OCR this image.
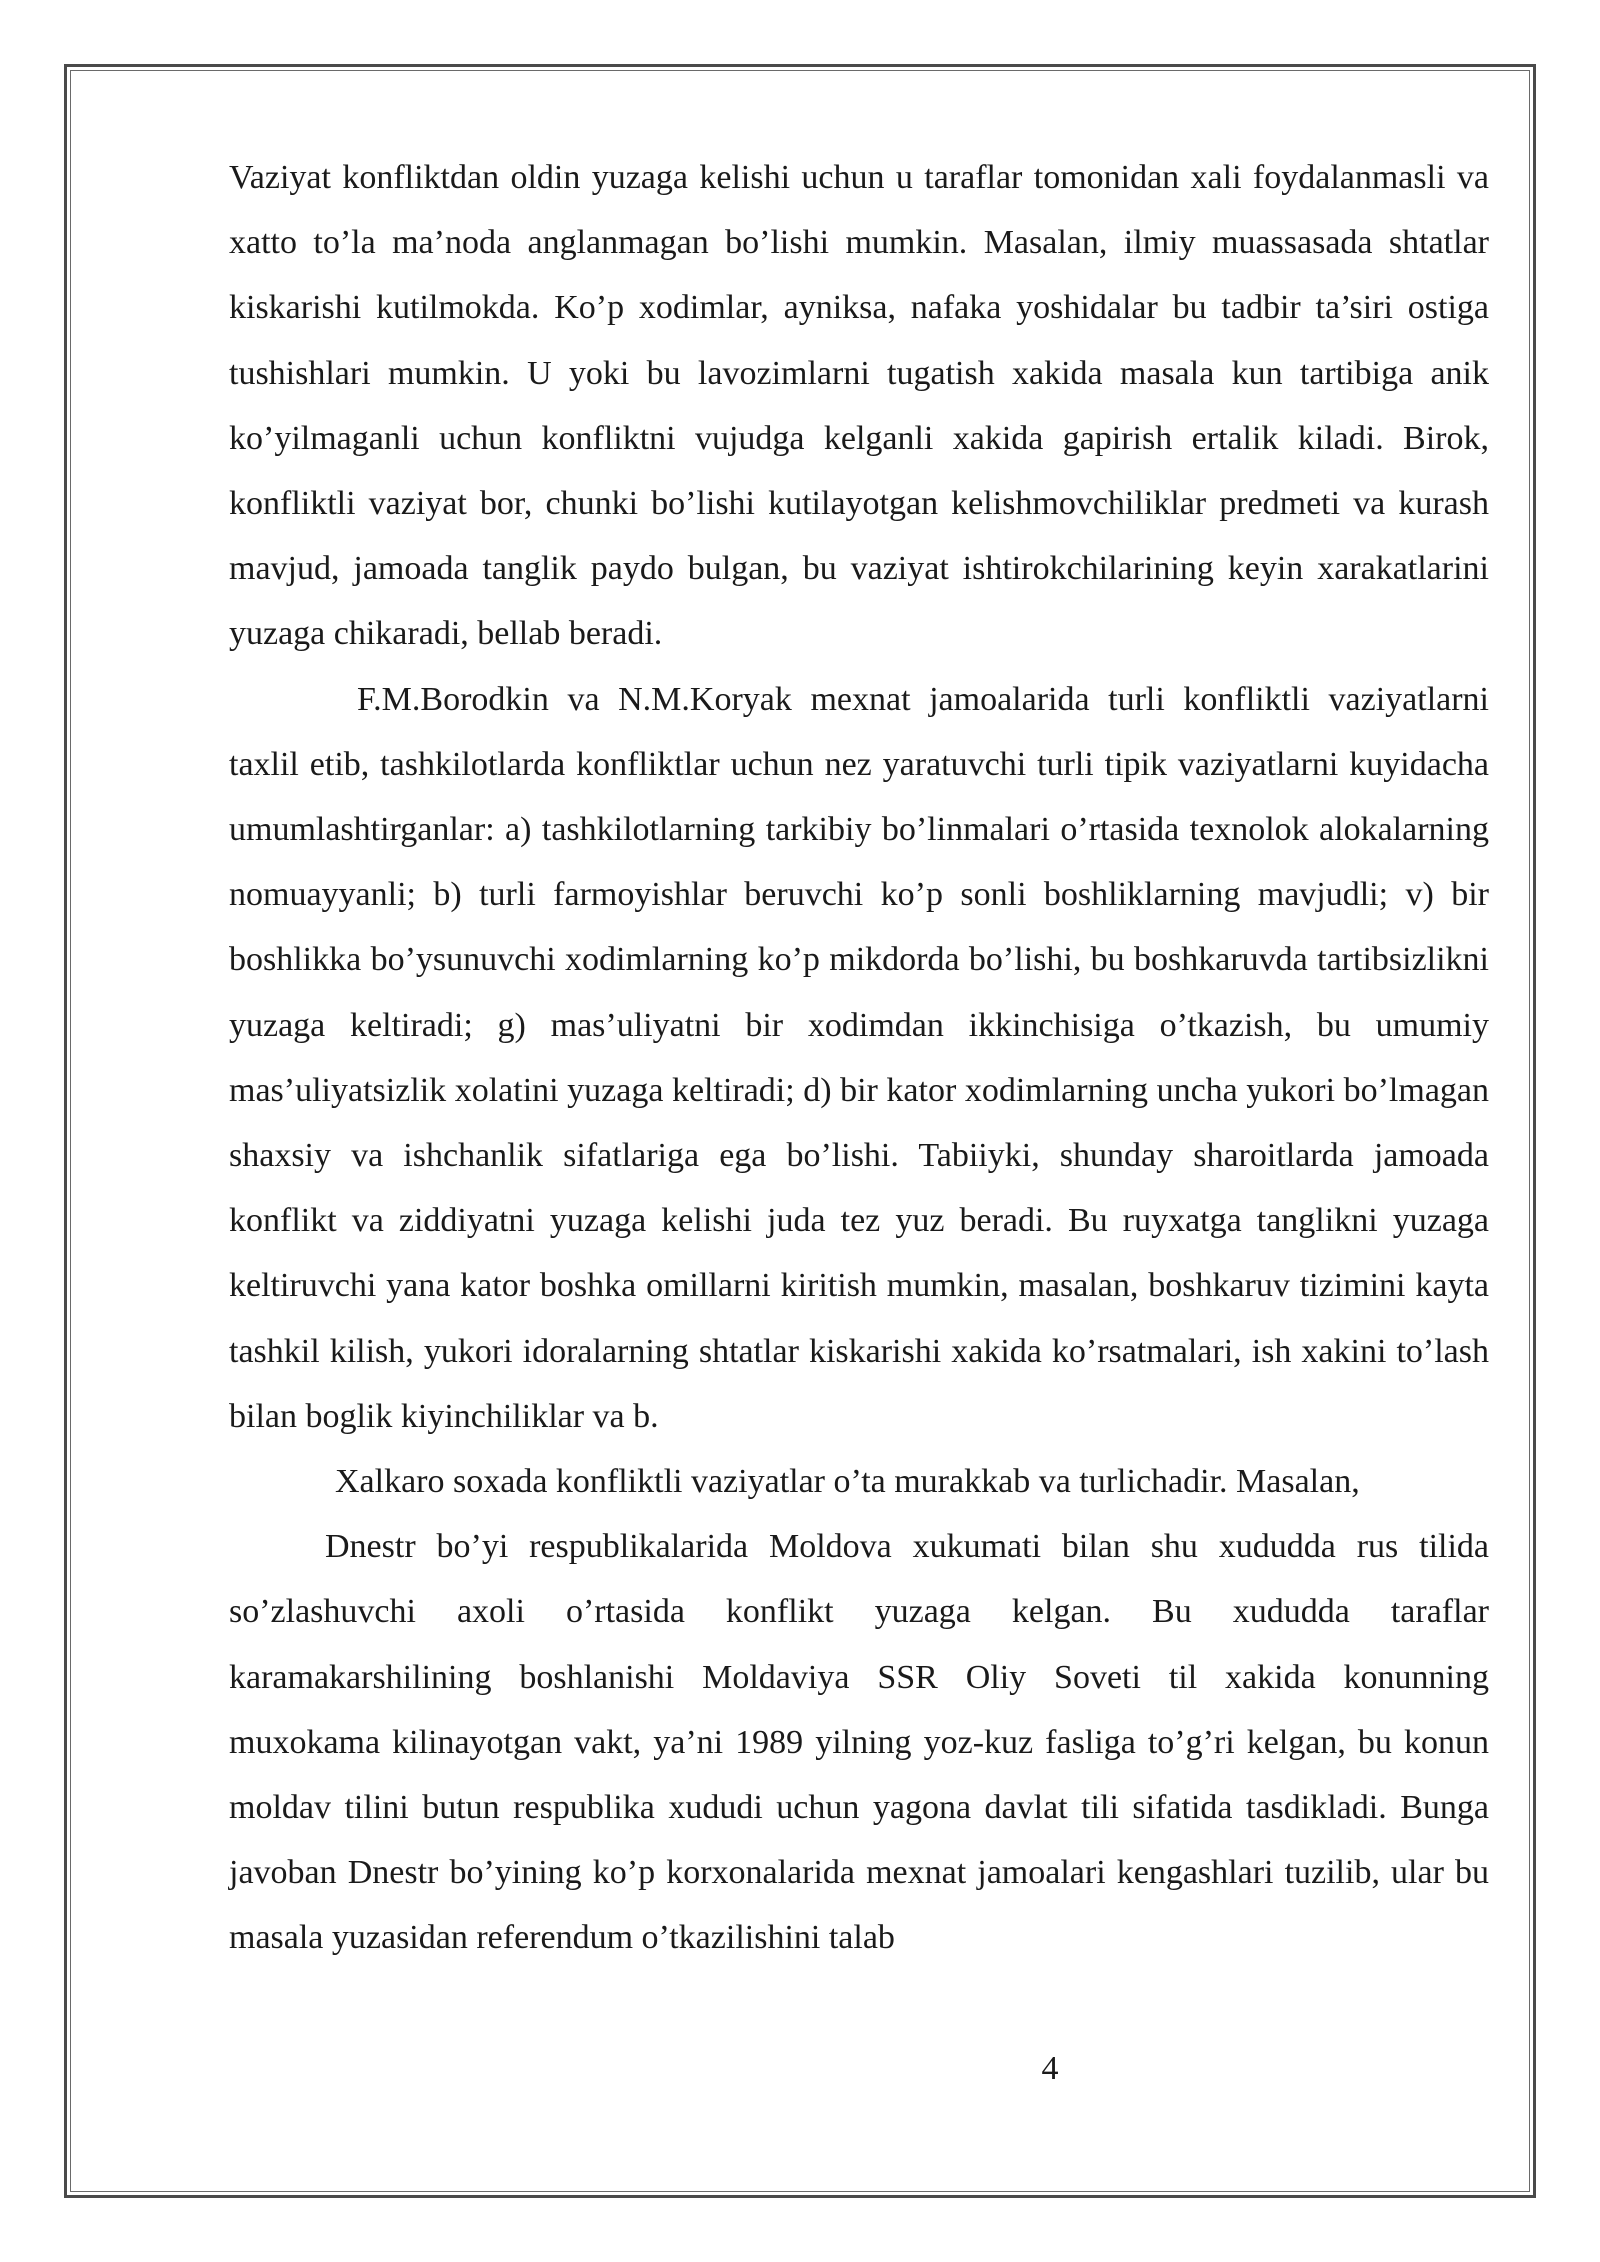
Vaziyat konfliktdan oldin yuzaga kelishi uchun u taraflar tomonidan xali foydalanmasli va xatto to’la ma’noda anglanmagan bo’lishi mumkin. Masalan, ilmiy muassasada shtatlar kiskarishi kutilmokda. Ko’p xodimlar, ayniksa, nafaka yoshidalar bu tadbir ta’siri ostiga tushishlari mumkin. U yoki bu lavozimlarni tugatish xakida masala kun tartibiga anik ko’yilmaganli uchun konfliktni vujudga kelganli xakida gapirish ertalik kiladi. Birok, konfliktli vaziyat bor, chunki bo’lishi kutilayotgan kelishmovchiliklar predmeti va kurash mavjud, jamoada tanglik paydo bulgan, bu vaziyat ishtirokchilarining keyin xarakatlarini yuzaga chikaradi, bellab beradi.

F.M.Borodkin va N.M.Koryak mexnat jamoalarida turli konfliktli vaziyatlarni taxlil etib, tashkilotlarda konfliktlar uchun nez yaratuvchi turli tipik vaziyatlarni kuyidacha umumlashtirganlar: a) tashkilotlarning tarkibiy bo’linmalari o’rtasida texnolok alokalarning nomuayyanli; b) turli farmoyishlar beruvchi ko’p sonli boshliklarning mavjudli; v) bir boshlikka bo’ysunuvchi xodimlarning ko’p mikdorda bo’lishi, bu boshkaruvda tartibsizlikni yuzaga keltiradi; g) mas’uliyatni bir xodimdan ikkinchisiga o’tkazish, bu umumiy mas’uliyatsizlik xolatini yuzaga keltiradi; d) bir kator xodimlarning uncha yukori bo’lmagan shaxsiy va ishchanlik sifatlariga ega bo’lishi. Tabiiyki, shunday sharoitlarda jamoada konflikt va ziddiyatni yuzaga kelishi juda tez yuz beradi. Bu ruyxatga tanglikni yuzaga keltiruvchi yana kator boshka omillarni kiritish mumkin, masalan, boshkaruv tizimini kayta tashkil kilish, yukori idoralarning shtatlar kiskarishi xakida ko’rsatmalari, ish xakini to’lash bilan boglik kiyinchiliklar va b.

Xalkaro soxada konfliktli vaziyatlar o’ta murakkab va turlichadir. Masalan,

Dnestr bo’yi respublikalarida Moldova xukumati bilan shu xududda rus tilida so’zlashuvchi axoli o’rtasida konflikt yuzaga kelgan. Bu xududda taraflar karamakarshilining boshlanishi Moldaviya SSR Oliy Soveti til xakida konunning muxokama kilinayotgan vakt, ya’ni 1989 yilning yoz-kuz fasliga to’g’ri kelgan, bu konun moldav tilini butun respublika xududi uchun yagona davlat tili sifatida tasdikladi. Bunga javoban Dnestr bo’yining ko’p korxonalarida mexnat jamoalari kengashlari tuzilib, ular bu masala yuzasidan referendum o’tkazilishini talab

4
